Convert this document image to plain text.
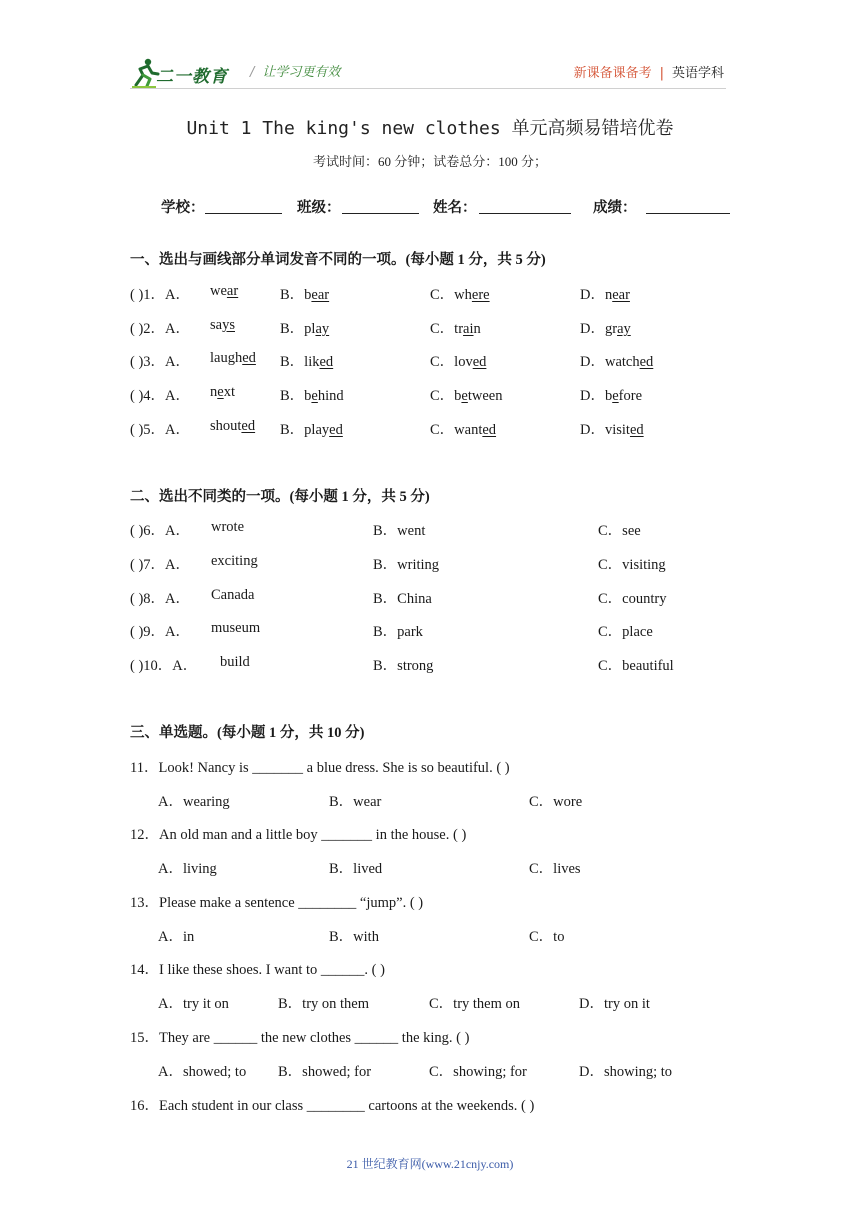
二一教育 / 让学习更有效	新课备课备考 | 英语学科
Unit 1 The king's new clothes 单元高频易错培优卷
考试时间：60 分钟；试卷总分：100 分；
学校：	班级：	姓名：	成绩：
一、选出与画线部分单词发音不同的一项。(每小题 1 分，共 5 分)
( )1．A． wear	B．bear	C．where	D．near
( )2．A． says	B．play	C．train	D．gray
( )3．A． laughed B．liked	C．loved	D．watched
( )4．A． next	B．behind	C．between	D．before
( )5．A． shouted B．played	C．wanted	D．visited
二、选出不同类的一项。(每小题 1 分，共 5 分)
( )6．A． wrote	B．went	C．see
( )7．A． exciting	B．writing	C．visiting
( )8．A． Canada	B．China	C．country
( )9．A． museum	B．park	C．place
( )10．A． build	B．strong	C．beautiful
三、单选题。(每小题 1 分，共 10 分)
11．Look! Nancy is _______ a blue dress. She is so beautiful. ( )
A．wearing	B．wear	C．wore
12．An old man and a little boy _______ in the house. ( )
A．living	B．lived	C．lives
13．Please make a sentence ________ “jump”. ( )
A．in	B．with	C．to
14．I like these shoes. I want to ______. ( )
A．try it on	B．try on them	C．try them on	D．try on it
15．They are ______ the new clothes ______ the king. ( )
A．showed; to B．showed; for	C．showing; for	D．showing; to
16．Each student in our class ________ cartoons at the weekends. ( )
21 世纪教育网(www.21cnjy.com)
